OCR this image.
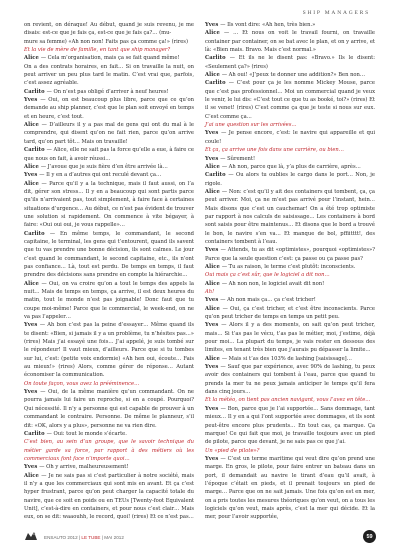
SHIP MANAGERS

on revient, on déraque! Au début, quand je suis revenu, je me disais: est-ce que je fais ça, est-ce que je fais ça?… (mu-

mure sa femme) «Ah non non! Faits pas ça comme ça!» (rires)

Et la vie de mère de famille, en tant que ship manager?

Alice — Cela m’organisation, mais ça se fait quand même!

On a des contrats horaires, en fait… Si on travaille la nuit, on peut arriver un peu plus tard le matin. C’est vrai que, parfois, c’est assez agréable.

Carlito — On n’est pas obligé d’arriver à neuf heures!

Yves — Oui, on est beaucoup plus libre, parce que ce qu’on demande au ship planner, c’est que le plan soit envoyé en temps et en heure, c’est tout.

Alice — D’ailleurs il y a pas mal de gens qui ont du mal à le comprendre, qui disent qu’on ne fait rien, parce qu’on arrive tard, qu’on part tôt… Mais on travaille!

Carlito — Alice, elle ne sait pas la force qu’elle a eue, à faire ce que nous on fait, à avoir réussi…

Alice — J’avoue que je suis fière d’en être arrivée là…

Yves — Il y en a d’autres qui ont reculé devant ça…

Alice — Parce qu’il y a la technique, mais il faut aussi, on l’a dit, gérer son stress… Il y en a beaucoup qui sont partis parce qu’ils n’arrivaient pas, tout simplement, à faire face à certaines situations d’urgence… Au début, ce n’est pas évident de trouver une solution si rapidement. On commence à vite bégayer, à faire: «Oui oui oui, je vous rappelle»…

Carlito — En même temps, le commandant, le second capitaine, le terminal, les gens qui t’entourent, quand ils savent que tu vas prendre une bonne décision, ils sont calmes. Le jour c’est quand le commandant, le second capitaine, etc., ils n’ont pas confiance… Là, tout est perdu. De temps en temps, il faut prendre des décisions sans prendre en compte la hiérarchie…

Alice — Oui, on va croire qu’on a tout le temps des appels la nuit… Mais de temps en temps, ça arrive, il est deux heures du matin, tout le monde n’est pas joignable! Donc faut que tu coupe moi-même! Parce que le commercial, le week-end, on ne va pas l’appeler…

Yves — Ah bon c’est pas la peine d’essayer… Même quand ils te disent: «Bien, si jamais il y a un problème, tu n’hésites pas…» (rires) Mais j’ai essayé une fois… J’ai appelé, je suis tombé sur le répondeur! Il vaut mieux, d’ailleurs. Parce que si tu tombes sur lui, c’est: (petite voix endormie) «Ah hen oui, écoute… Fais au mieux!» (rires) Alors, comme gérer de réponse… Autant économiser la communication.

On toute façon, vous avez la prééminence…

Yves — Oui, de la même manière qu’un commandant. On ne pourra jamais lui faire un reproche, si en a coupé. Pourquoi? Qui nécessité. Il n’y a personne qui est capable de prouver à un commandant le contraire. Personne. De même le planneur, s’il dit: «OK, alors y a plus», personne ne va rien dire.

Carlito — Oui: tout le monde s’écarte.

C’est bien, au sein d’un groupe, que le savoir technique du métier garde sa force, par rapport à des métiers où les commerciaux font face n’importe quoi…

Yves — Oh y arrive, malheureusement!

Alice — Je ne sais pas si c’est particulier à notre société, mais il n’y a que les commerciaux qui sont mis en avant. Et ça c’est hyper frustrant, parce qu’on peut charger la capacité totale du navire, que ce soit en poids ou en TEUs [Twenty-foot Equivalent Unit], c’est-à-dire en containers, et pour nous c’est clair… Mais eux, on se dit: waaouhh, le record, quoi! (rires) Et ce n’est pas…

Yves — Ils vont dire: «Ah hen, très bien.»

Alice — … Et nous on voit le travail fourni, on travaille container par container, on se bat avec le plan, et on y arrive, et là: «Bien mais. Bravo. Mais c’est normal.»

Carlito — Et ils ne le disent pas: «Bravo.» Ils le disent: «Seulement ça?» (rires)

Alice — Ah oui! «J’peux te donner une addition?» Ben non…

Carlito — C’est pour ça je les nomme Mickey Mouse, parce que c’est pas professionnel… Moi un commercial quand je veux le venir, le lui dis: «C’est tout ce que tu as booké, toi?» (rires) Et il se venet! (rires) C’est comme ça que je teste si nous sur eux. C’est comme ça…

J’ai une question sur les arrivées…

Yves — Je pense encore, c’est: le navire qui appareille et qui coule!

Et ça, ça arrive une fois dans une carrière, ou bien…

Yves — Sûrement!

Alice — Ah non, parce que là, y’a plus de carrière, après…

Carlito — Ou alors tu oublies le cargo dans le port… Non, je rigole.

Alice — Non: c’est qu’il y ait des containers qui tombent, ça, ça peut arriver. Moi, ça ne m’est pas arrivé pour l’instant, hein… Mais disons que c’est un cauchemar! On a été trop optimiste par rapport à nos calculs de saisissage… Les containers à bord sont saisis pour être maintenus… Et disons que le bord a trouvé le bon, le navire s’en va… Et manque de bol, pffiitttt!, des containers tombent à l’eau.

Yves — Attends, tu as dit «optimistes», pourquoi «optimistes»? Parce que la seule question c’est: ça passe ou ça passe pas?

Alice — Tu as raison, le terme c’est plutôt: inconscients.

Oui mais ça c’est sûr, que le logiciel a dit non…

Alice — Ah non non, le logiciel avait dit non!

Ah!

Yves — Ah non mais ça… ça c’est tricher!

Alice — Oui, ça c’est tricher, et c’est être inconscients. Parce qu’on peut tricher de temps en temps un petit peu.

Yves — Alors il y a des moments, on sait qu’on peut tricher, mais… Si t’as pas le vécu, t’as pas le métier, moi, j’estime, déjà pour moi… La plupart du temps, je vais rester en dessous des limites, en tenant très bien que j’aurais pu dépasser la limite…

Alice — Mais si t’as des 103% de lashing [saisissage]…

Yves — Sauf que par expérience, avec 90% de lashing, tu peux avoir des containers qui tombent à l’eau, parce que quand tu prends la mer tu ne peux jamais anticiper le temps qu’il fera dans cinq jours…

Et la météo, on tient pas ancien navigant, vous l’avez en tête…

Yves — Bon, parce que je l’ai supportée… Sans dommage, tant mieux… Il y en a qui l’ont supportée avec dommages, et ils sont peut-être encore plus prudents… En tout cas, ça marque. Ça marque! Ce qui fait que moi, je travaille toujours avec un pied de pilote, parce que devant, je ne sais pas ce que j’ai.

Un «pied de pilote»?

Yves — C’est un terme maritime qui veut dire qu’on prend une marge. En gros, le pilote, pour faire entrer un bateau dans un port, il demandait au navire le tirant d’eau qu’il avait, à l’époque c’était en pieds, et il prenait toujours un pied de marge… Parce que on ne sait jamais. Une fois qu’on est en mer, on a pris toutes les mesures théoriques qu’on veut, on a tous les logiciels qu’on veut, mais après, c’est la mer qui décide. Et la mer, pour l’avoir supportée,

ENSAUTO 2012 | LE TUBE | MAI 2012	59
